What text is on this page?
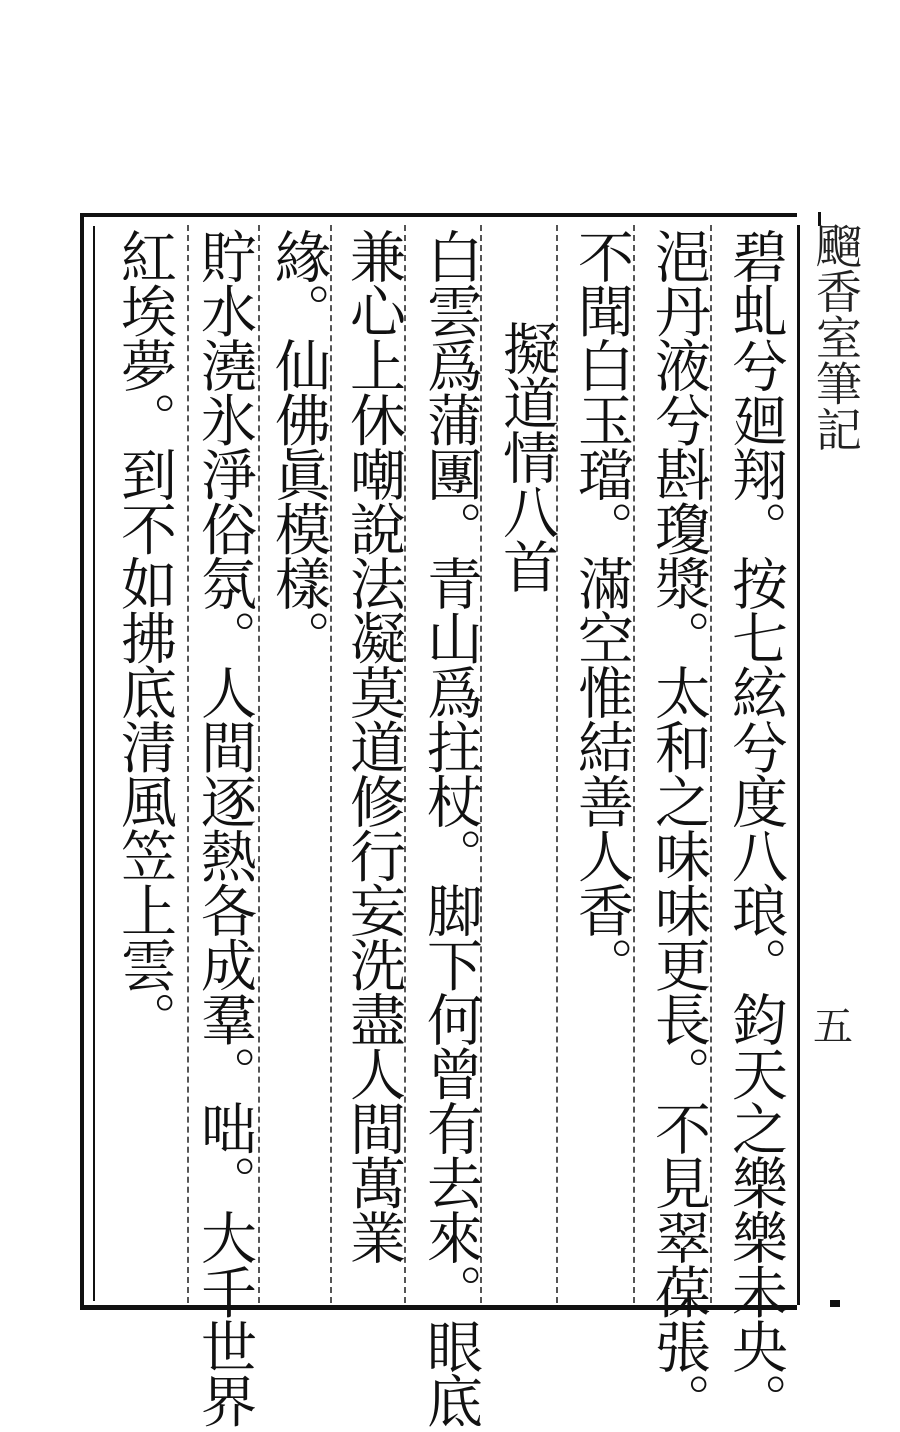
碧虬兮廻翔。按七絃兮度八琅。鈞天之樂樂未央。
浥丹液兮斟瓊漿。太和之味味更長。不見翠葆張。
不聞白玉璫。滿空惟結善人香。
擬道情八首
白雲爲蒲團。青山爲拄杖。脚下何曾有去來。眼底
兼心上休嘲說法凝莫道修行妄洗盡人間萬業
緣。仙佛眞模樣。
貯水澆氷淨俗氛。人間逐熱各成羣。咄。大千世界
紅埃夢。到不如拂底清風笠上雲。	飀香室筆記
五
